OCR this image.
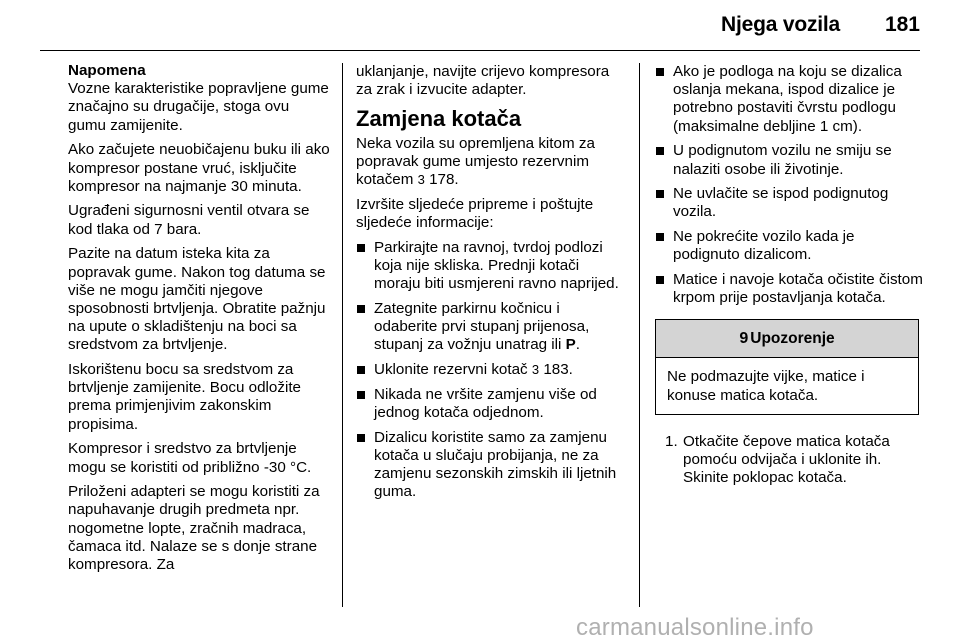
Njega vozila 181
Napomena

Vozne karakteristike popravljene gume značajno su drugačije, stoga ovu gumu zamijenite.

Ako začujete neuobičajenu buku ili ako kompresor postane vruć, isključite kompresor na najmanje 30 minuta.

Ugrađeni sigurnosni ventil otvara se kod tlaka od 7 bara.

Pazite na datum isteka kita za popravak gume. Nakon tog datuma se više ne mogu jamčiti njegove sposobnosti brtvljenja. Obratite pažnju na upute o skladištenju na boci sa sredstvom za brtvljenje.

Iskorištenu bocu sa sredstvom za brtvljenje zamijenite. Bocu odložite prema primjenjivim zakonskim propisima.

Kompresor i sredstvo za brtvljenje mogu se koristiti od približno -30 °C.

Priloženi adapteri se mogu koristiti za napuhavanje drugih predmeta npr. nogometne lopte, zračnih madraca, čamaca itd. Nalaze se s donje strane kompresora. Za

uklanjanje, navijte crijevo kompresora za zrak i izvucite adapter.

Zamjena kotača

Neka vozila su opremljena kitom za popravak gume umjesto rezervnim kotačem 3 178.

Izvršite sljedeće pripreme i poštujte sljedeće informacije:

Parkirajte na ravnoj, tvrdoj podlozi koja nije skliska. Prednji kotači moraju biti usmjereni ravno naprijed.
Zategnite parkirnu kočnicu i odaberite prvi stupanj prijenosa, stupanj za vožnju unatrag ili P.
Uklonite rezervni kotač 3 183.
Nikada ne vršite zamjenu više od jednog kotača odjednom.
Dizalicu koristite samo za zamjenu kotača u slučaju probijanja, ne za zamjenu sezonskih zimskih ili ljetnih guma.
Ako je podloga na koju se dizalica oslanja mekana, ispod dizalice je potrebno postaviti čvrstu podlogu (maksimalne debljine 1 cm).
U podignutom vozilu ne smiju se nalaziti osobe ili životinje.
Ne uvlačite se ispod podignutog vozila.
Ne pokrećite vozilo kada je podignuto dizalicom.
Matice i navoje kotača očistite čistom krpom prije postavljanja kotača.
9 Upozorenje
Ne podmazujte vijke, matice i konuse matica kotača.
1. Otkačite čepove matica kotača pomoću odvijača i uklonite ih. Skinite poklopac kotača.
carmanualsonline.info
